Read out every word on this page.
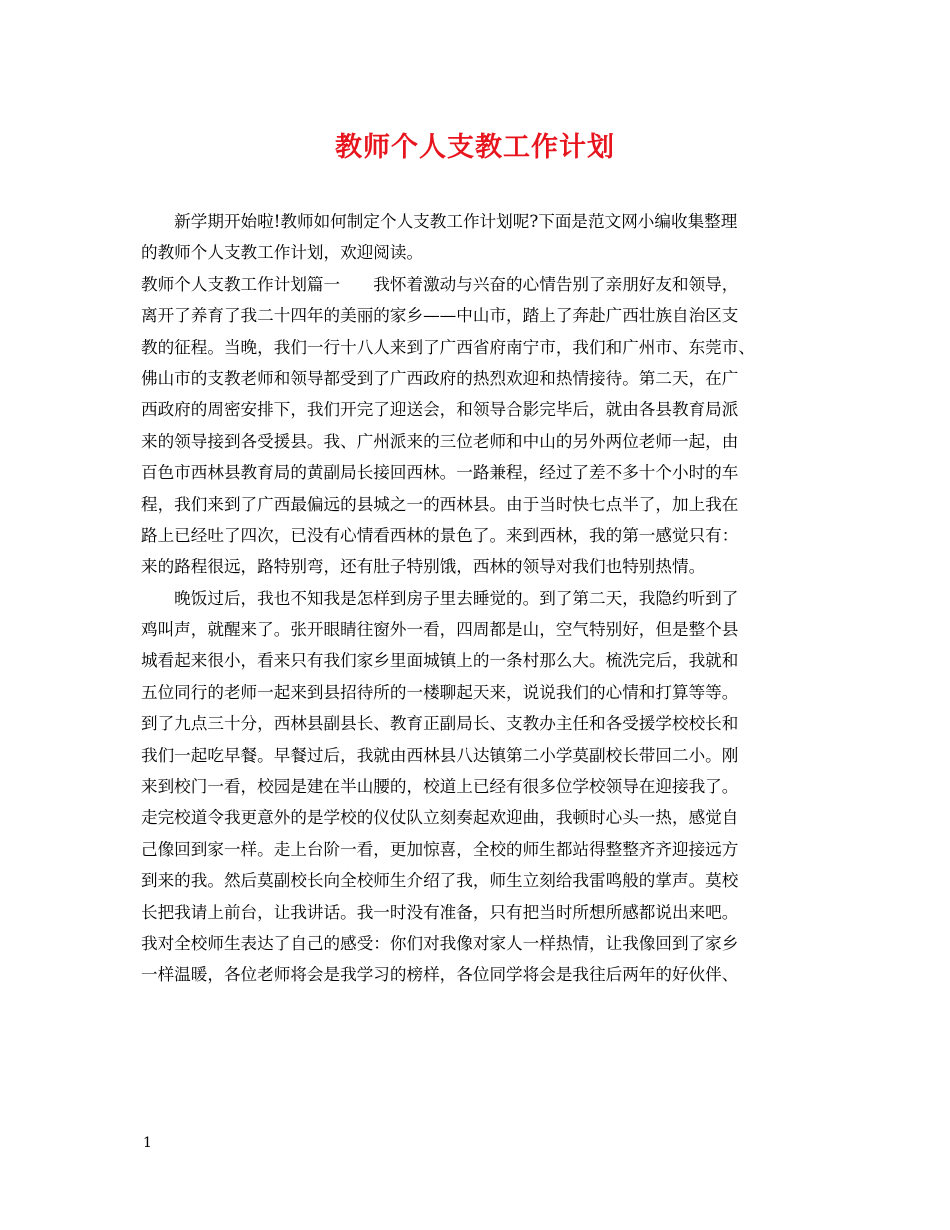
教师个人支教工作计划
　　新学期开始啦!教师如何制定个人支教工作计划呢?下面是范文网小编收集整理
的教师个人支教工作计划，欢迎阅读。
教师个人支教工作计划篇一　　我怀着激动与兴奋的心情告别了亲朋好友和领导，
离开了养育了我二十四年的美丽的家乡——中山市，踏上了奔赴广西壮族自治区支
教的征程。当晚，我们一行十八人来到了广西省府南宁市，我们和广州市、东莞市、
佛山市的支教老师和领导都受到了广西政府的热烈欢迎和热情接待。第二天，在广
西政府的周密安排下，我们开完了迎送会，和领导合影完毕后，就由各县教育局派
来的领导接到各受援县。我、广州派来的三位老师和中山的另外两位老师一起，由
百色市西林县教育局的黄副局长接回西林。一路兼程，经过了差不多十个小时的车
程，我们来到了广西最偏远的县城之一的西林县。由于当时快七点半了，加上我在
路上已经吐了四次，已没有心情看西林的景色了。来到西林，我的第一感觉只有：
来的路程很远，路特别弯，还有肚子特别饿，西林的领导对我们也特别热情。
　　晚饭过后，我也不知我是怎样到房子里去睡觉的。到了第二天，我隐约听到了
鸡叫声，就醒来了。张开眼睛往窗外一看，四周都是山，空气特别好，但是整个县
城看起来很小，看来只有我们家乡里面城镇上的一条村那么大。梳洗完后，我就和
五位同行的老师一起来到县招待所的一楼聊起天来，说说我们的心情和打算等等。
到了九点三十分，西林县副县长、教育正副局长、支教办主任和各受援学校校长和
我们一起吃早餐。早餐过后，我就由西林县八达镇第二小学莫副校长带回二小。刚
来到校门一看，校园是建在半山腰的，校道上已经有很多位学校领导在迎接我了。
走完校道令我更意外的是学校的仪仗队立刻奏起欢迎曲，我顿时心头一热，感觉自
己像回到家一样。走上台阶一看，更加惊喜，全校的师生都站得整整齐齐迎接远方
到来的我。然后莫副校长向全校师生介绍了我，师生立刻给我雷鸣般的掌声。莫校
长把我请上前台，让我讲话。我一时没有准备，只有把当时所想所感都说出来吧。
我对全校师生表达了自己的感受：你们对我像对家人一样热情，让我像回到了家乡
一样温暖，各位老师将会是我学习的榜样，各位同学将会是我往后两年的好伙伴、
1
